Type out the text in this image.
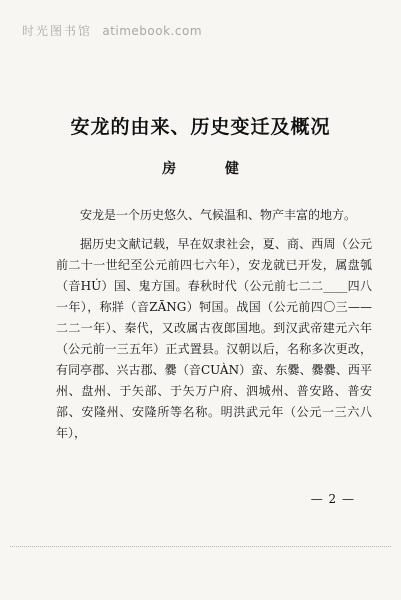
时光图书馆 atimebook.com
安龙的由来、历史变迁及概况
房 健

安龙是一个历史悠久、气候温和、物产丰富的地方。

据历史文献记载，早在奴隶社会，夏、商、西周（公元前二十一世纪至公元前四七六年），安龙就已开发，属盘瓠（音HÚ）国、鬼方国。春秋时代（公元前七二二____四八一年），称牂（音ZĀNG）牱国。战国（公元前四〇三——二二一年）、秦代，又改属古夜郎国地。到汉武帝建元六年（公元前一三五年）正式置县。汉朝以后，名称多次更改，有同亭郡、兴古郡、爨（音CUÀN）蛮、东爨、爨爨、西平州、盘州、于矢部、于矢万户府、泗城州、普安路、普安部、安隆州、安隆所等名称。明洪武元年（公元一三六八年），

— 2 —
